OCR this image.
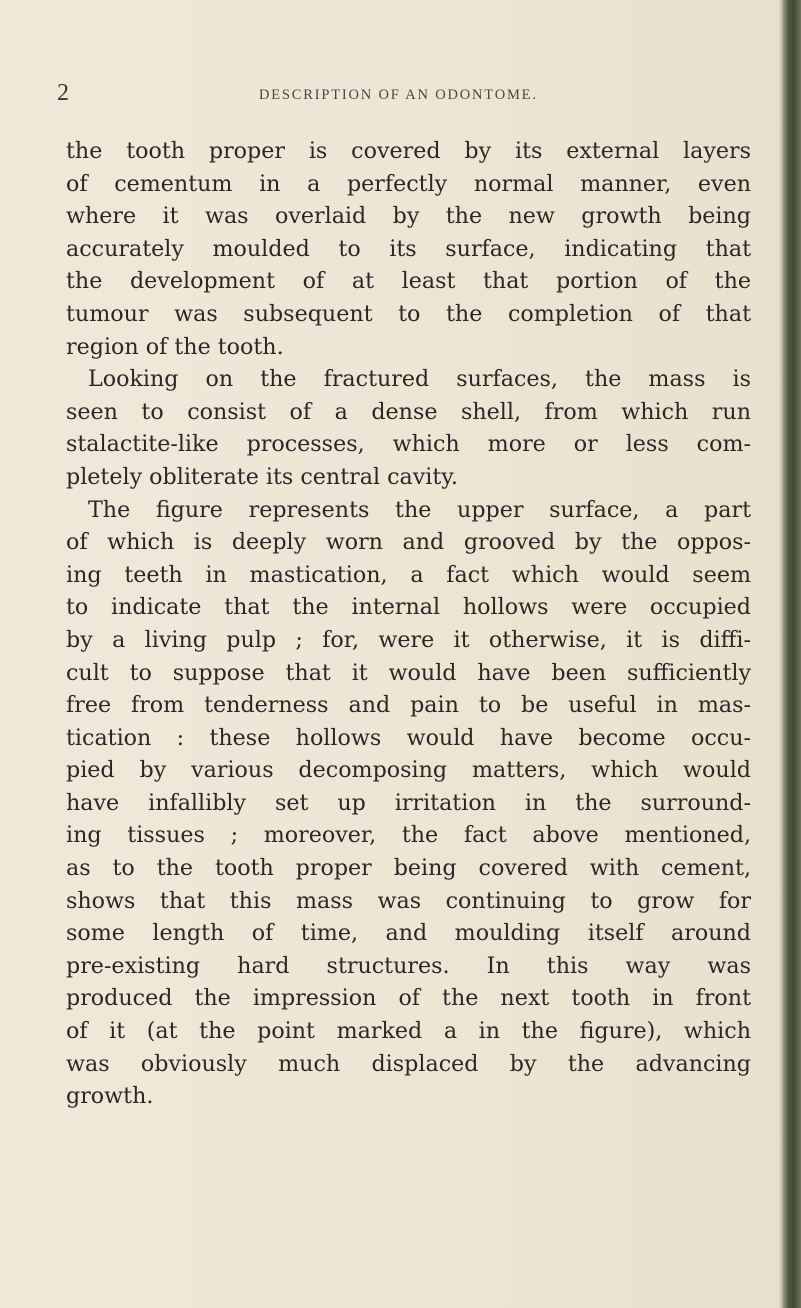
2	DESCRIPTION OF AN ODONTOME.
the tooth proper is covered by its external layers
of cementum in a perfectly normal manner, even
where it was overlaid by the new growth being
accurately moulded to its surface, indicating that
the development of at least that portion of the
tumour was subsequent to the completion of that
region of the tooth.
Looking on the fractured surfaces, the mass is
seen to consist of a dense shell, from which run
stalactite-like processes, which more or less com-
pletely obliterate its central cavity.
The figure represents the upper surface, a part
of which is deeply worn and grooved by the oppos-
ing teeth in mastication, a fact which would seem
to indicate that the internal hollows were occupied
by a living pulp ; for, were it otherwise, it is diffi-
cult to suppose that it would have been sufficiently
free from tenderness and pain to be useful in mas-
tication : these hollows would have become occu-
pied by various decomposing matters, which would
have infallibly set up irritation in the surround-
ing tissues ; moreover, the fact above mentioned,
as to the tooth proper being covered with cement,
shows that this mass was continuing to grow for
some length of time, and moulding itself around
pre-existing hard structures. In this way was
produced the impression of the next tooth in front
of it (at the point marked a in the figure), which
was obviously much displaced by the advancing
growth.
